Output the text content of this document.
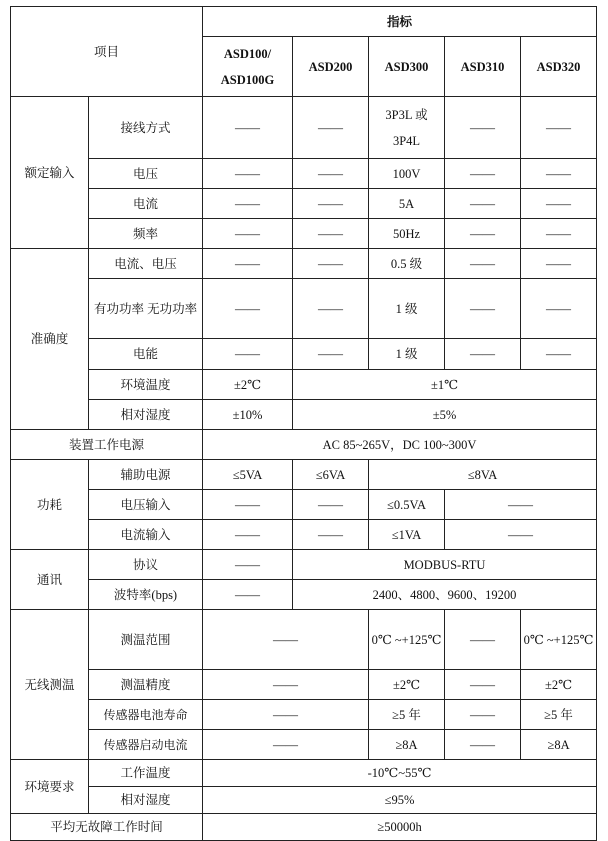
项目		指标				
		ASD100/ ASD100G	ASD200	ASD300	ASD310	ASD320
额定输入	接线方式	——	——	3P3L 或 3P4L	——	——
	电压	——	——	100V	——	——
	电流	——	——	5A	——	——
	频率	——	——	50Hz	——	——
准确度	电流、电压	——	——	0.5 级	——	——
	有功功率 无功功率	——	——	1 级	——	——
	电能	——	——	1 级	——	——
	环境温度	±2℃	±1℃			
	相对湿度	±10%	±5%			
装置工作电源		AC 85~265V，DC 100~300V				
功耗	辅助电源	≤5VA	≤6VA	≤8VA		
	电压输入	——	——	≤0.5VA	——	
	电流输入	——	——	≤1VA	——	
通讯	协议	——	MODBUS-RTU			
	波特率(bps)	——	2400、4800、9600、19200			
无线测温	测温范围	——		0℃ ~+125℃	——	0℃ ~+125℃
	测温精度	——		±2℃	——	±2℃
	传感器电池寿命	——		≥5 年	——	≥5 年
	传感器启动电流	——		≥8A	——	≥8A
环境要求	工作温度	-10℃~55℃				
	相对湿度	≤95%				
平均无故障工作时间		≥50000h				
